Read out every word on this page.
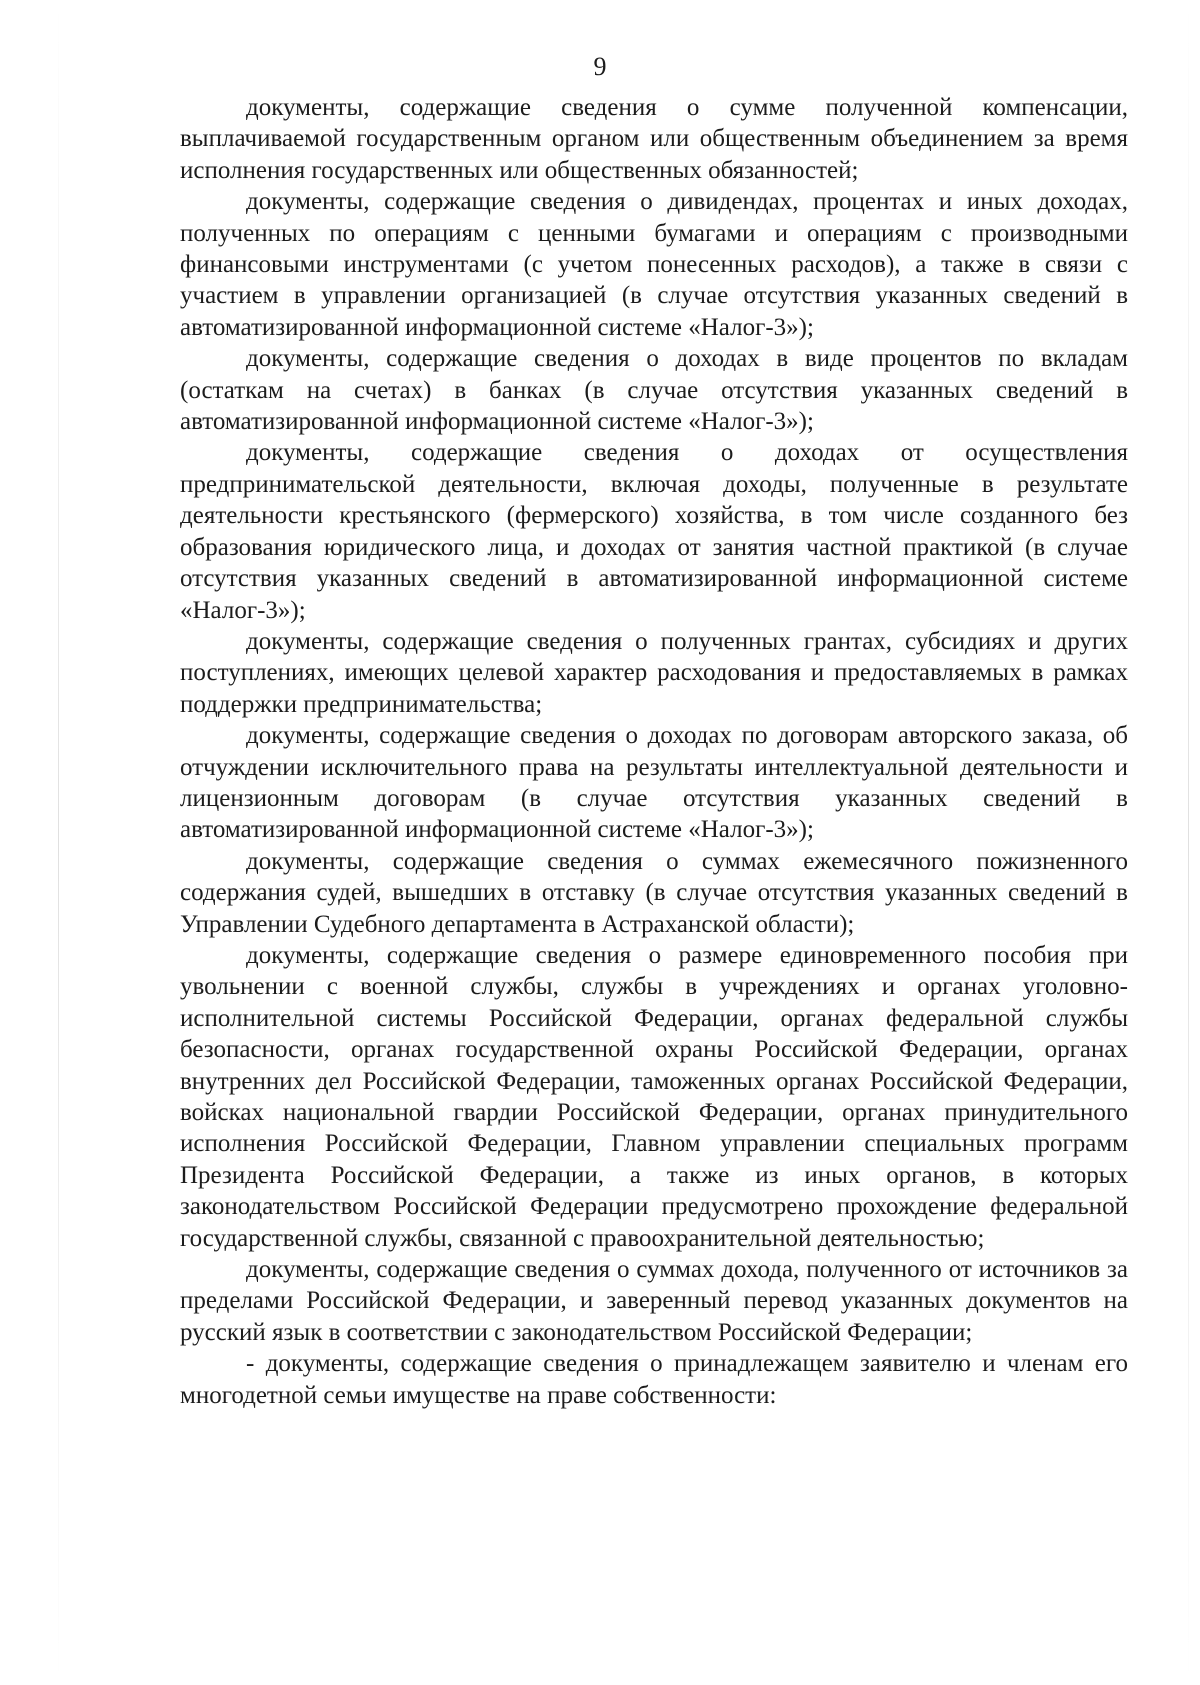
9

документы, содержащие сведения о сумме полученной компенсации, выплачиваемой государственным органом или общественным объединением за время исполнения государственных или общественных обязанностей;

документы, содержащие сведения о дивидендах, процентах и иных доходах, полученных по операциям с ценными бумагами и операциям с производными финансовыми инструментами (с учетом понесенных расходов), а также в связи с участием в управлении организацией (в случае отсутствия указанных сведений в автоматизированной информационной системе «Налог-3»);

документы, содержащие сведения о доходах в виде процентов по вкладам (остаткам на счетах) в банках (в случае отсутствия указанных сведений в автоматизированной информационной системе «Налог-3»);

документы, содержащие сведения о доходах от осуществления предпринимательской деятельности, включая доходы, полученные в результате деятельности крестьянского (фермерского) хозяйства, в том числе созданного без образования юридического лица, и доходах от занятия частной практикой (в случае отсутствия указанных сведений в автоматизированной информационной системе «Налог-3»);

документы, содержащие сведения о полученных грантах, субсидиях и других поступлениях, имеющих целевой характер расходования и предоставляемых в рамках поддержки предпринимательства;

документы, содержащие сведения о доходах по договорам авторского заказа, об отчуждении исключительного права на результаты интеллектуальной деятельности и лицензионным договорам (в случае отсутствия указанных сведений в автоматизированной информационной системе «Налог-3»);

документы, содержащие сведения о суммах ежемесячного пожизненного содержания судей, вышедших в отставку (в случае отсутствия указанных сведений в Управлении Судебного департамента в Астраханской области);

документы, содержащие сведения о размере единовременного пособия при увольнении с военной службы, службы в учреждениях и органах уголовно-исполнительной системы Российской Федерации, органах федеральной службы безопасности, органах государственной охраны Российской Федерации, органах внутренних дел Российской Федерации, таможенных органах Российской Федерации, войсках национальной гвардии Российской Федерации, органах принудительного исполнения Российской Федерации, Главном управлении специальных программ Президента Российской Федерации, а также из иных органов, в которых законодательством Российской Федерации предусмотрено прохождение федеральной государственной службы, связанной с правоохранительной деятельностью;

документы, содержащие сведения о суммах дохода, полученного от источников за пределами Российской Федерации, и заверенный перевод указанных документов на русский язык в соответствии с законодательством Российской Федерации;

- документы, содержащие сведения о принадлежащем заявителю и членам его многодетной семьи имуществе на праве собственности:
